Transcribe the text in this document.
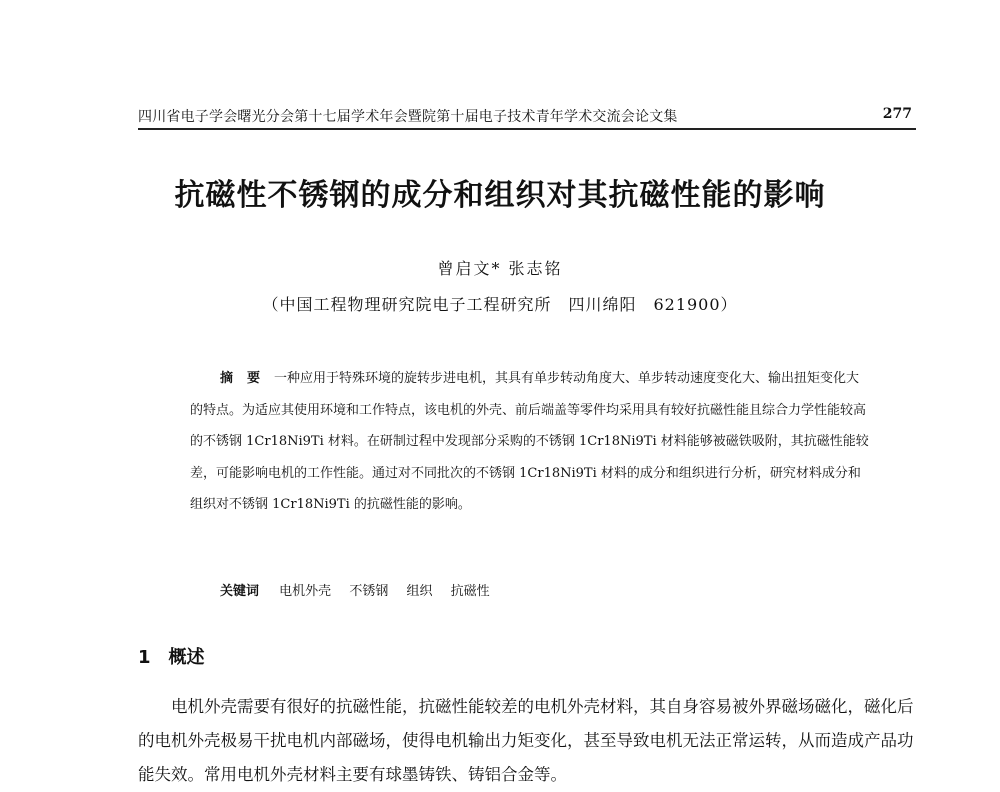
四川省电子学会曙光分会第十七届学术年会暨院第十届电子技术青年学术交流会论文集	277
抗磁性不锈钢的成分和组织对其抗磁性能的影响
曾启文* 张志铭
（中国工程物理研究院电子工程研究所　四川绵阳　621900）
摘要一种应用于特殊环境的旋转步进电机，其具有单步转动角度大、单步转动速度变化大、输出扭矩变化大的特点。为适应其使用环境和工作特点，该电机的外壳、前后端盖等零件均采用具有较好抗磁性能且综合力学性能较高的不锈钢 1Cr18Ni9Ti 材料。在研制过程中发现部分采购的不锈钢 1Cr18Ni9Ti 材料能够被磁铁吸附，其抗磁性能较差，可能影响电机的工作性能。通过对不同批次的不锈钢 1Cr18Ni9Ti 材料的成分和组织进行分析，研究材料成分和组织对不锈钢 1Cr18Ni9Ti 的抗磁性能的影响。
关键词 电机外壳 不锈钢 组织 抗磁性
1 概述

电机外壳需要有很好的抗磁性能，抗磁性能较差的电机外壳材料，其自身容易被外界磁场磁化，磁化后的电机外壳极易干扰电机内部磁场，使得电机输出力矩变化，甚至导致电机无法正常运转，从而造成产品功能失效。常用电机外壳材料主要有球墨铸铁、铸铝合金等。
